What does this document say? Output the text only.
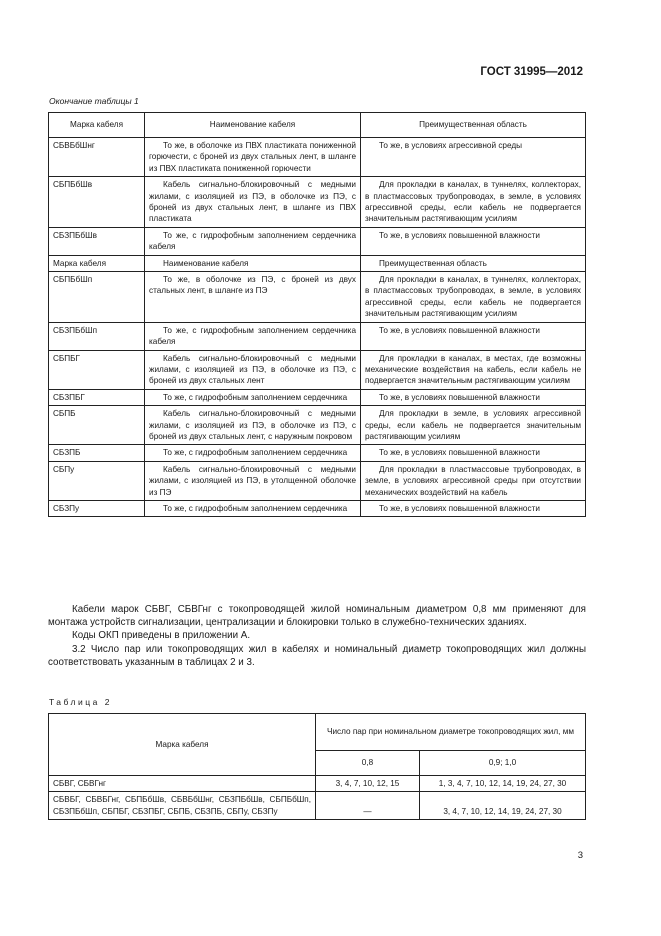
ГОСТ 31995—2012
Окончание таблицы 1
Марка кабеля	Наименование кабеля	Преимущественная область
СБВБбШнг	То же, в оболочке из ПВХ пластиката пониженной горючести, с броней из двух стальных лент, в шланге из ПВХ пластиката пониженной горючести	То же, в условиях агрессивной среды
СБПБбШв	Кабель сигнально-блокировочный с медными жилами, с изоляцией из ПЭ, в оболочке из ПЭ, с броней из двух стальных лент, в шланге из ПВХ пластиката	Для прокладки в каналах, в туннелях, коллекторах, в пластмассовых трубопроводах, в земле, в условиях агрессивной среды, если кабель не подвергается значительным растягивающим усилиям
СБЗПБбШв	То же, с гидрофобным заполнением сердечника кабеля	То же, в условиях повышенной влажности
Марка кабеля	Наименование кабеля	Преимущественная область
СБПБбШп	То же, в оболочке из ПЭ, с броней из двух стальных лент, в шланге из ПЭ	Для прокладки в каналах, в туннелях, коллекторах, в пластмассовых трубопроводах, в земле, в условиях агрессивной среды, если кабель не подвергается значительным растягивающим усилиям
СБЗПБбШп	То же, с гидрофобным заполнением сердечника кабеля	То же, в условиях повышенной влажности
СБПБГ	Кабель сигнально-блокировочный с медными жилами, с изоляцией из ПЭ, в оболочке из ПЭ, с броней из двух стальных лент	Для прокладки в каналах, в местах, где возможны механические воздействия на кабель, если кабель не подвергается значительным растягивающим усилиям
СБЗПБГ	То же, с гидрофобным заполнением сердечника	То же, в условиях повышенной влажности
СБПБ	Кабель сигнально-блокировочный с медными жилами, с изоляцией из ПЭ, в оболочке из ПЭ, с броней из двух стальных лент, с наружным покровом	Для прокладки в земле, в условиях агрессивной среды, если кабель не подвергается значительным растягивающим усилиям
СБЗПБ	То же, с гидрофобным заполнением сердечника	То же, в условиях повышенной влажности
СБПу	Кабель сигнально-блокировочный с медными жилами, с изоляцией из ПЭ, в утолщенной оболочке из ПЭ	Для прокладки в пластмассовые трубопроводах, в земле, в условиях агрессивной среды при отсутствии механических воздействий на кабель
СБЗПу	То же, с гидрофобным заполнением сердечника	То же, в условиях повышенной влажности
Кабели марок СБВГ, СБВГнг с токопроводящей жилой номинальным диаметром 0,8 мм применяют для монтажа устройств сигнализации, централизации и блокировки только в служебно-технических зданиях.
Коды ОКП приведены в приложении А.
3.2 Число пар или токопроводящих жил в кабелях и номинальный диаметр токопроводящих жил должны соответствовать указанным в таблицах 2 и 3.
Таблица 2
Марка кабеля	Число пар при номинальном диаметре токопроводящих жил, мм	
	0,8	0,9; 1,0
СБВГ, СБВГнг	3, 4, 7, 10, 12, 15	1, 3, 4, 7, 10, 12, 14, 19, 24, 27, 30
СБВБГ, СБВБГнг, СБПБбШв, СБВБбШнг, СБЗПБбШв, СБПБбШп, СБЗПБбШп, СБПБГ, СБЗПБГ, СБПБ, СБЗПБ, СБПу, СБЗПу	—	3, 4, 7, 10, 12, 14, 19, 24, 27, 30
3
